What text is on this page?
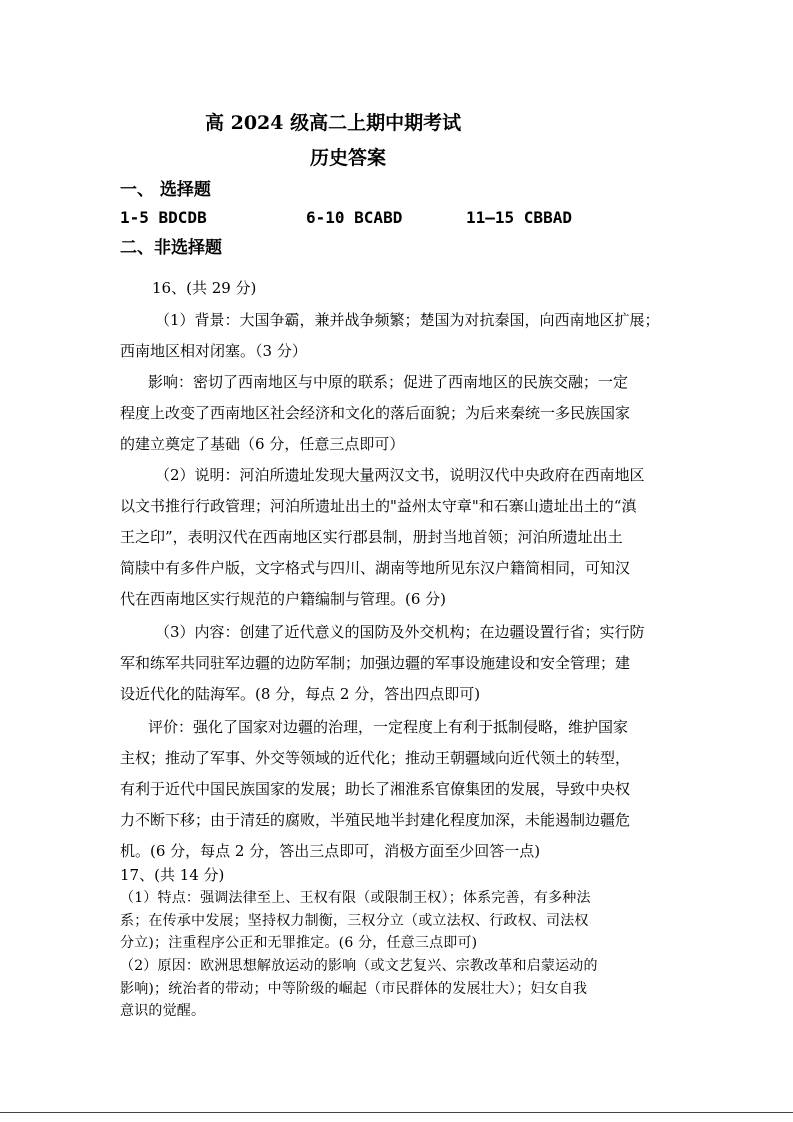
高 2024 级高二上期中期考试
历史答案
一、 选择题
1-5 BDCDB	6-10 BCABD	11—15 CBBAD
二、非选择题
16、(共 29 分)
（1）背景：大国争霸，兼并战争频繁；楚国为对抗秦国，向西南地区扩展；
西南地区相对闭塞。（3 分）
影响：密切了西南地区与中原的联系；促进了西南地区的民族交融；一定
程度上改变了西南地区社会经济和文化的落后面貌；为后来秦统一多民族国家
的建立奠定了基础（6 分，任意三点即可）
（2）说明：河泊所遗址发现大量两汉文书，说明汉代中央政府在西南地区
以文书推行行政管理；河泊所遗址出土的"益州太守章"和石寨山遗址出土的“滇
王之印”，表明汉代在西南地区实行郡县制，册封当地首领；河泊所遗址出土
简牍中有多件户版，文字格式与四川、湖南等地所见东汉户籍简相同，可知汉
代在西南地区实行规范的户籍编制与管理。(6 分)
（3）内容：创建了近代意义的国防及外交机构；在边疆设置行省；实行防
军和练军共同驻军边疆的边防军制；加强边疆的军事设施建设和安全管理；建
设近代化的陆海军。(8 分，每点 2 分，答出四点即可)
评价：强化了国家对边疆的治理，一定程度上有利于抵制侵略，维护国家
主权；推动了军事、外交等领域的近代化；推动王朝疆域向近代领土的转型，
有利于近代中国民族国家的发展；助长了湘淮系官僚集团的发展，导致中央权
力不断下移；由于清廷的腐败，半殖民地半封建化程度加深，未能遏制边疆危
机。(6 分，每点 2 分，答出三点即可，消极方面至少回答一点)
17、(共 14 分)
（1）特点：强调法律至上、王权有限（或限制王权）；体系完善，有多种法
系；在传承中发展；坚持权力制衡，三权分立（或立法权、行政权、司法权
分立)；注重程序公正和无罪推定。(6 分，任意三点即可)
（2）原因：欧洲思想解放运动的影响（或文艺复兴、宗教改革和启蒙运动的
影响)；统治者的带动；中等阶级的崛起（市民群体的发展壮大）；妇女自我
意识的觉醒。
